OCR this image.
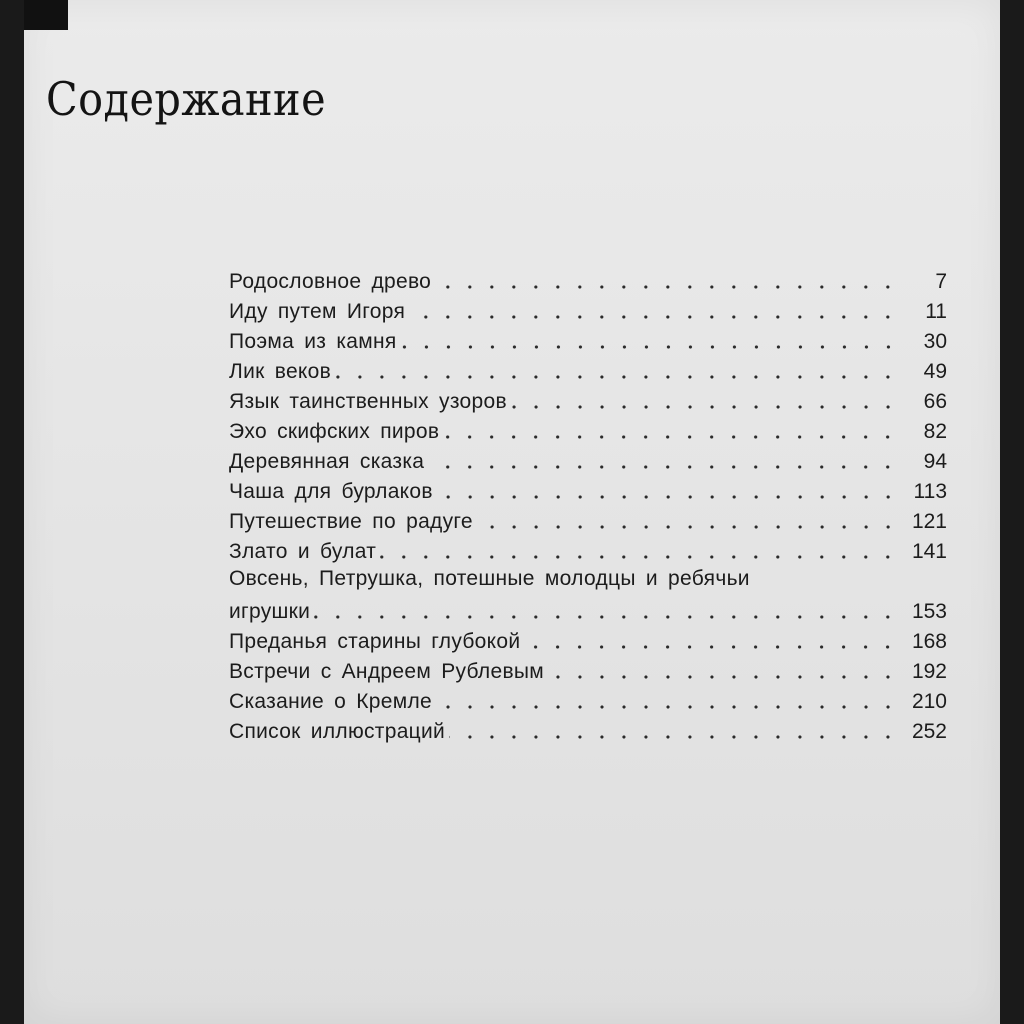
Содержание
Родословное древо	7
Иду путем Игоря	11
Поэма из камня	30
Лик веков	49
Язык таинственных узоров	66
Эхо скифских пиров	82
Деревянная сказка	94
Чаша для бурлаков	113
Путешествие по радуге	121
Злато и булат	141
Овсень, Петрушка, потешные молодцы и ребячьи
игрушки	153
Преданья старины глубокой	168
Встречи с Андреем Рублевым	192
Сказание о Кремле	210
Список иллюстраций	252
